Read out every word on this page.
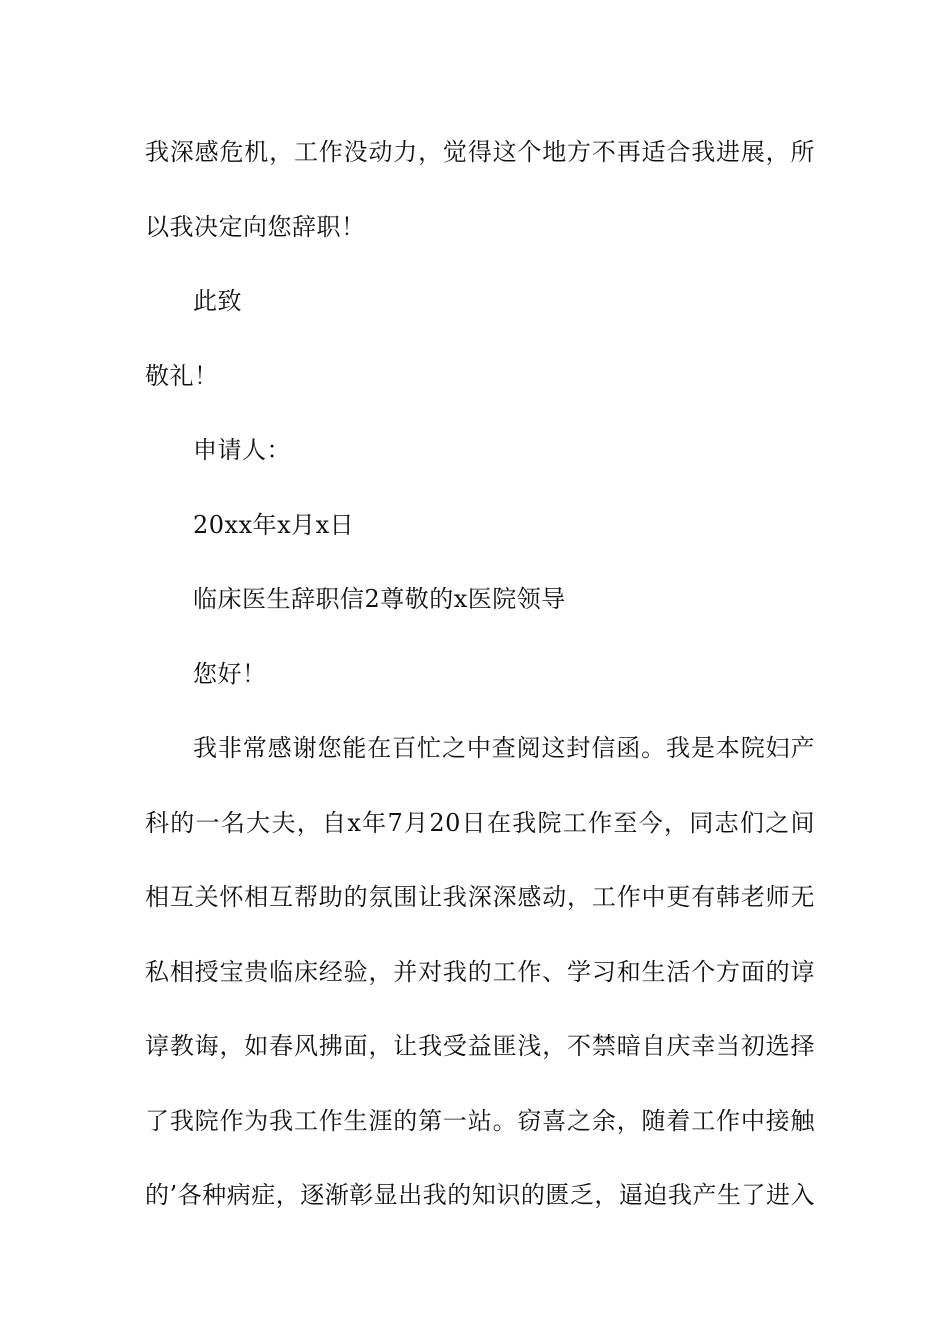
我深感危机，工作没动力，觉得这个地方不再适合我进展，所
以我决定向您辞职！
此致
敬礼！
申请人：
20xx年x月x日
临床医生辞职信2尊敬的x医院领导
您好！
我非常感谢您能在百忙之中查阅这封信函。我是本院妇产
科的一名大夫，自x年7月20日在我院工作至今，同志们之间
相互关怀相互帮助的氛围让我深深感动，工作中更有韩老师无
私相授宝贵临床经验，并对我的工作、学习和生活个方面的谆
谆教诲，如春风拂面，让我受益匪浅，不禁暗自庆幸当初选择
了我院作为我工作生涯的第一站。窃喜之余，随着工作中接触
的’各种病症，逐渐彰显出我的知识的匮乏，逼迫我产生了进入
